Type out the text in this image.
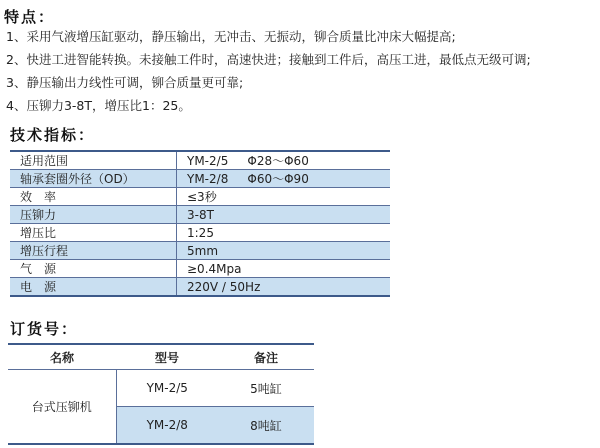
特点：
1、采用气液增压缸驱动，静压输出，无冲击、无振动，铆合质量比冲床大幅提高;
2、快进工进智能转换。未接触工件时，高速快进；接触到工件后，高压工进，最低点无级可调;
3、静压输出力线性可调，铆合质量更可靠;
4、压铆力3-8T，增压比1：25。
技术指标：
适用范围	YM-2/5     Φ28～Φ60
轴承套圈外径（OD）	YM-2/8     Φ60～Φ90
效　率	≤3秒
压铆力	3-8T
增压比	1:25
增压行程	5mm
气　源	≥0.4Mpa
电　源	220V / 50Hz
订货号：
名称	型号	备注
台式压铆机	YM-2/5	5吨缸
	YM-2/8	8吨缸
